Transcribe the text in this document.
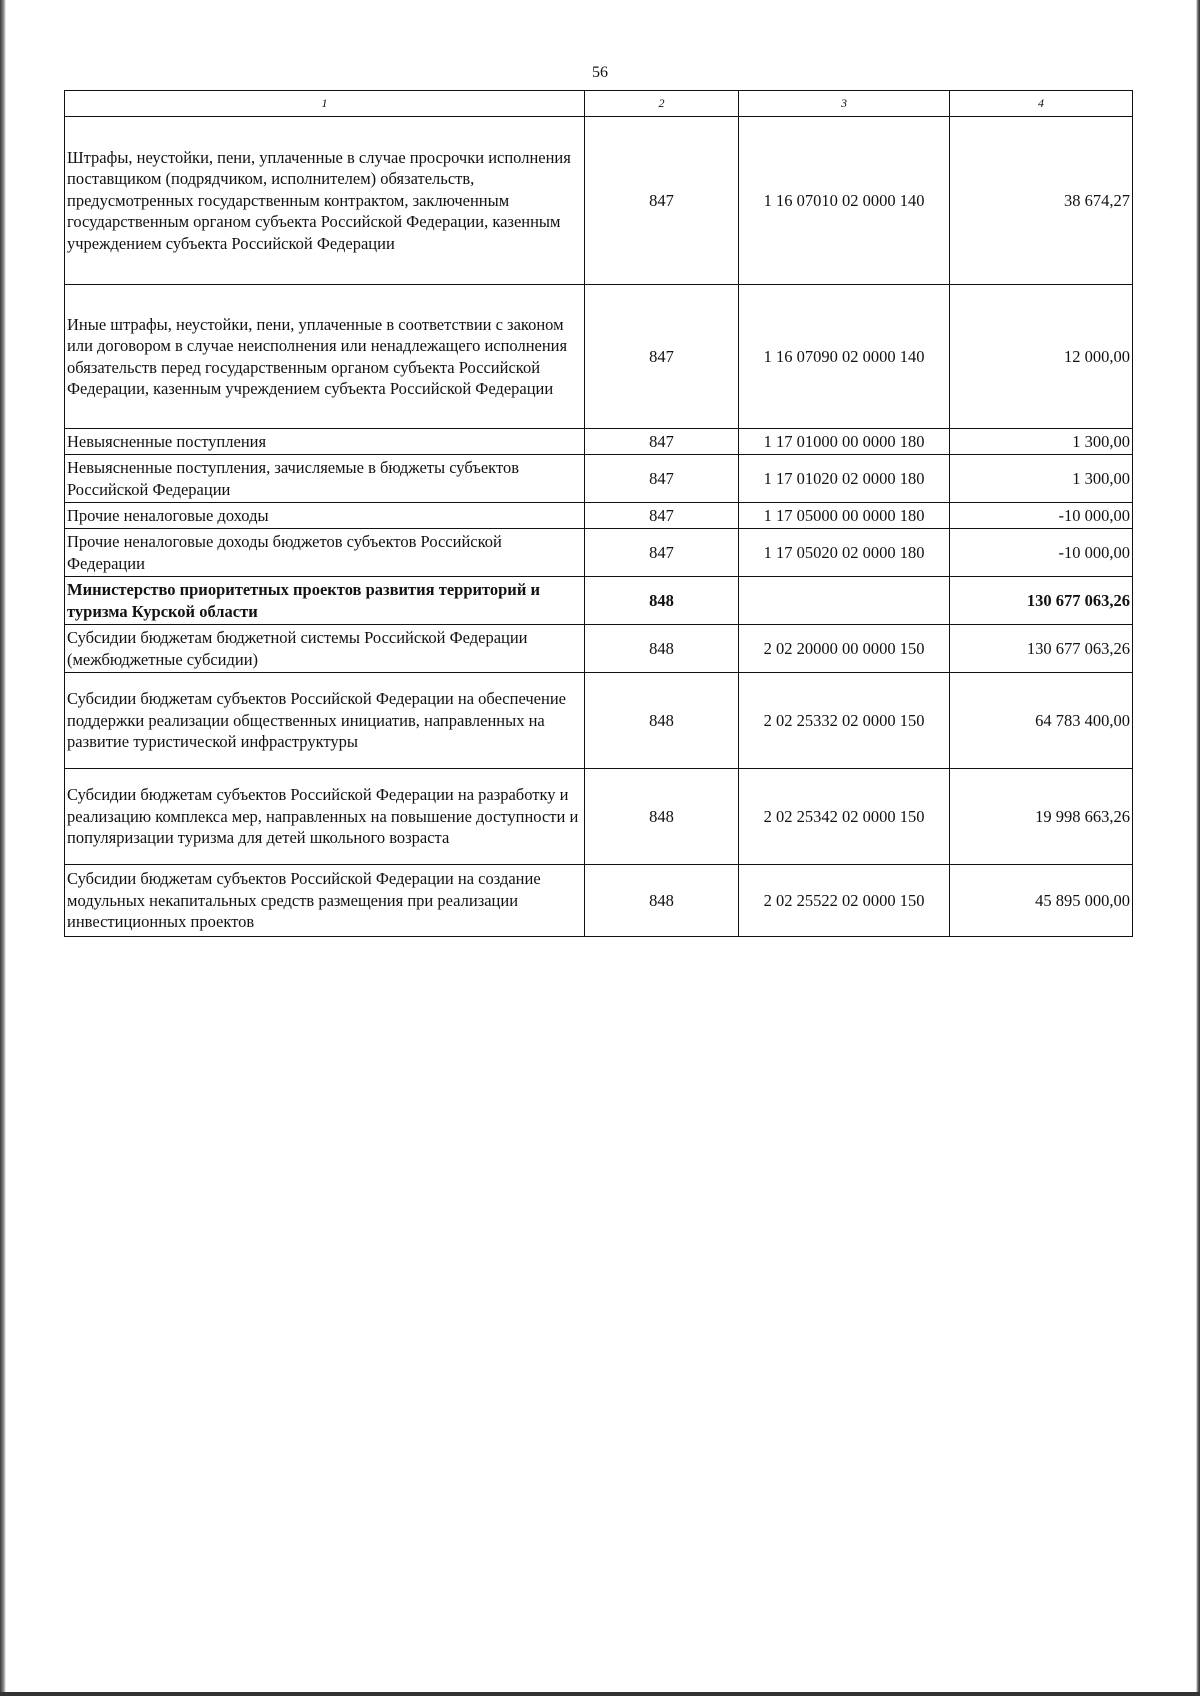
56
1	2	3	4
Штрафы, неустойки, пени, уплаченные в случае просрочки исполнения поставщиком (подрядчиком, исполнителем) обязательств, предусмотренных государственным контрактом, заключенным государственным органом субъекта Российской Федерации, казенным учреждением субъекта Российской Федерации	847	1 16 07010 02 0000 140	38 674,27
Иные штрафы, неустойки, пени, уплаченные в соответствии с законом или договором в случае неисполнения или ненадлежащего исполнения обязательств перед государственным органом субъекта Российской Федерации, казенным учреждением субъекта Российской Федерации	847	1 16 07090 02 0000 140	12 000,00
Невыясненные поступления	847	1 17 01000 00 0000 180	1 300,00
Невыясненные поступления, зачисляемые в бюджеты субъектов Российской Федерации	847	1 17 01020 02 0000 180	1 300,00
Прочие неналоговые доходы	847	1 17 05000 00 0000 180	-10 000,00
Прочие неналоговые доходы бюджетов субъектов Российской Федерации	847	1 17 05020 02 0000 180	-10 000,00
Министерство приоритетных проектов развития территорий и туризма Курской области	848		130 677 063,26
Субсидии бюджетам бюджетной системы Российской Федерации (межбюджетные субсидии)	848	2 02 20000 00 0000 150	130 677 063,26
Субсидии бюджетам субъектов Российской Федерации на обеспечение поддержки реализации общественных инициатив, направленных на развитие туристической инфраструктуры	848	2 02 25332 02 0000 150	64 783 400,00
Субсидии бюджетам субъектов Российской Федерации на разработку и реализацию комплекса мер, направленных на повышение доступности и популяризации туризма для детей школьного возраста	848	2 02 25342 02 0000 150	19 998 663,26
Субсидии бюджетам субъектов Российской Федерации на создание модульных некапитальных средств размещения при реализации инвестиционных проектов	848	2 02 25522 02 0000 150	45 895 000,00
